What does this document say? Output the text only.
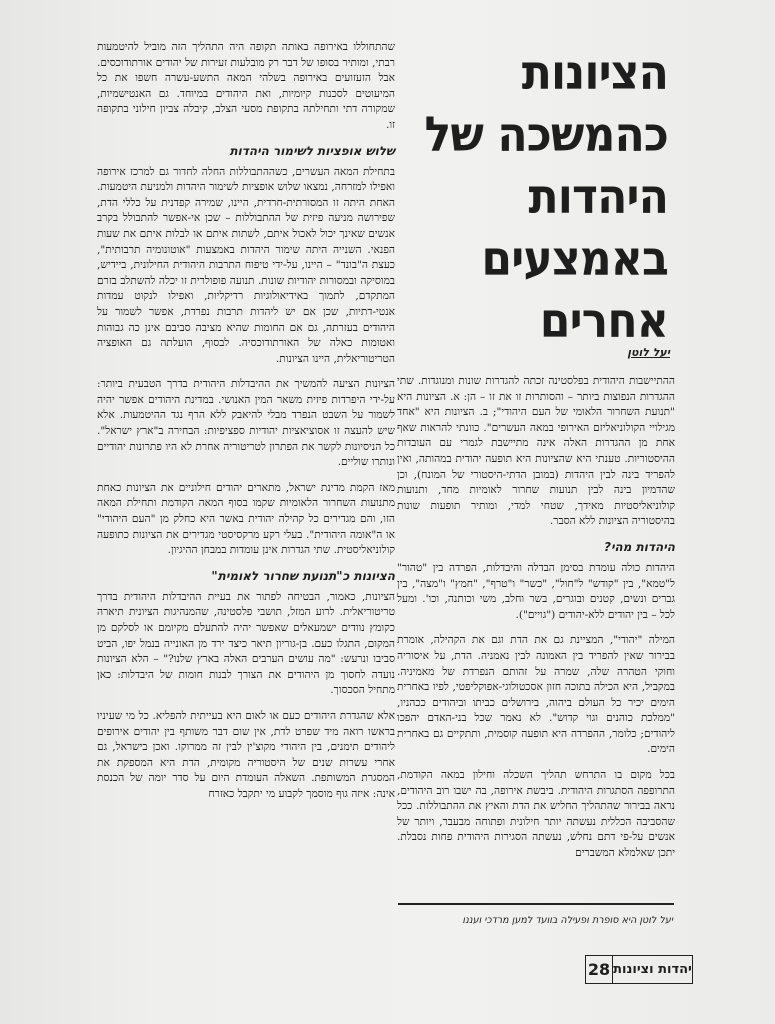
שהתחוללו באירופה באותה תקופה היה התהליך הזה מוביל להיטמעות רבתי, ומותיר בסופו של דבר רק מובלעות זעירות של יהודים אורתודוכסים. אבל הזעזועים באירופה בשלהי המאה התשע-עשרה חשפו את כל המיעוטים לסכנות קיומיות, ואת היהודים במיוחד. גם האנטישמיות, שמקורה דתי ותחילתה בתקופת מסעי הצלב, קיבלה צביון חילוני בתקופה זו.

שלוש אופציות לשימור היהדות

בתחילת המאה העשרים, כשההתבוללות החלה לחדור גם למרכז אירופה ואפילו למזרחה, נמצאו שלוש אופציות לשימור היהדות ולמניעת היטמעות. האחת היתה זו המסורתית-חרדית, היינו, שמירה קפדנית על כללי הדת, שפירושה מניעה פיזית של ההתבוללות – שכן אי-אפשר להתבולל בקרב אנשים שאינך יכול לאכול איתם, לשתות איתם או לבלות איתם את שעות הפנאי. השנייה היתה שימור היהדות באמצעות "אוטונומיה תרבותית", כעצת ה"בונד" – היינו, על-ידי טיפוח התרבות היהודית החילונית, ביידיש, במוסיקה ובמסורות יהודיות שונות. תנועה פופולרית זו יכלה להשתלב בזרם המתקדם, לתמוך באידיאולוגיות רדיקליות, ואפילו לנקוט עמדות אנטי-דתיות, שכן אם יש ליהדות תרבות נפרדת, אפשר לשמור על היהודים בעזרתה, גם אם החומות שהיא מציבה סביבם אינן כה גבוהות ואטומות כאלה של האורתודוכסיה. לבסוף, הועלתה גם האופציה הטריטוריאלית, היינו הציונות.

הציונות הציעה להמשיך את ההיבדלות היהודית בדרך הטבעית ביותר: על-ידי היפרדות פיזית משאר המין האנושי. במדינת היהודים אפשר יהיה לשמור על השבט הנפרד מבלי להיאבק ללא הרף נגד ההיטמעות. אלא שיש להעצה זו אסוציאציות יהודיות ספציפיות: הבחירה ב"ארץ ישראל". כל הניסיונות לקשר את הפתרון לטריטוריה אחרת לא היו פתרונות יהודיים ונותרו שוליים.

מאז הקמת מדינת ישראל, מתארים יהודים חילוניים את הציונות כאחת מתנועות השחרור הלאומיות שקמו בסוף המאה הקודמת ותחילת המאה הזו, והם מגדירים כל קהילה יהודית באשר היא כחלק מן "העם היהודי" או ה"אומה היהודית". בעלי רקע מרקסיסטי מגדירים את הציונות כתופעה קולוניאליסטית. שתי הגדרות אינן עומדות במבחן ההיגיון.

הציונות כ"תנועת שחרור לאומית"

הציונות, כאמור, הבטיחה לפתור את בעיית ההיבדלות היהודית בדרך טריטוריאלית. לרוע המזל, תושבי פלסטינה, שהמנהיגות הציונית תיארה כקומץ נוודים ישמעאלים שאפשר יהיה להתעלם מקיומם או לסלקם מן המקום, התגלו כעם. בן-גוריון תיאר כיצד ירד מן האונייה בנמל יפו, הביט סביבו ונרעש: "מה עושים הערבים האלה בארץ שלנו?" – הלא הציונות נועדה לחסוך מן היהודים את הצורך לבנות חומות של היבדלות: כאן מתחיל הסכסוך.

אלא שהגדרת היהודים כעם או לאום היא בעייתית להפליא. כל מי שעיניו בראשו רואה מיד שפרט לדת, אין שום דבר משותף בין יהודים אירופים ליהודים תימנים, בין היהודי מקוצ'ין לבין זה ממרוקו. ואכן בישראל, גם אחרי עשרות שנים של היסטוריה מקומית, הדת היא המספקת את המסגרת המשותפת. השאלה העומדת היום על סדר יומה של הכנסת אינה: איזה גוף מוסמך לקבוע מי יתקבל כאזרח

הציונות כהמשכה של היהדות באמצעים אחרים
יעל לוטן

ההתיישבות היהודית בפלסטינה זכתה להגדרות שונות ומנוגדות. שתי ההגדרות הנפוצות ביותר – והסותרות זו את זו – הן: א. הציונות היא "תנועת השחרור הלאומי של העם היהודי"; ב. הציונות היא "אחד מגילויי הקולוניאליזם האירופי במאה העשרים". כוונתי להראות שאף אחת מן ההגדרות האלה אינה מתיישבת לגמרי עם העובדות ההיסטוריות. טענתי היא שהציונות היא תופעה יהודית במהותה, ואין להפריד בינה לבין היהדות (במובן הדתי-היסטורי של המונח), וכן שהדמיון בינה לבין תנועות שחרור לאומיות מחד, ותנועות קולוניאליסטיות מאידך, שטחי למדי, ומותיר תופעות שונות בהיסטוריה הציונות ללא הסבר.

היהדות מהי?

היהדות כולה עומדת בסימן הבדלה והיבדלות, הפרדה בין "טהור" ל"טמא", בין "קודש" ל"חול", "כשר" ו"טרף", "חמץ" ו"מצה", בין גברים ונשים, קטנים ובוגרים, בשר וחלב, משי וכותנה, וכו'. ומעל לכל – בין יהודים ללא-יהודים ("גויים").

המילה "יהודי", המציינת גם את הדת וגם את הקהילה, אומרת בבירור שאין להפריד בין האמונה לבין נאמניה. הדת, על איסוריה וחוקי הטהרה שלה, שמרה על זהותם הנפרדת של מאמיניה. במקביל, היא הכילה בתוכה חזון אסכטולוגי-אפוקליפטי, לפיו באחרית הימים יכיר כל העולם ביהוה, בירושלים כביתו וביהודים ככהניו, "ממלכת כוהנים וגוי קדוש". לא נאמר שכל בני-האדם יהפכו ליהודים; כלומר, ההפרדה היא תופעה קוסמית, ותתקיים גם באחרית הימים.

בכל מקום בו התרחש תהליך השכלה וחילון במאה הקודמת, התרופפה הסתגרות היהודית. ביבשת אירופה, בה ישבו רוב היהודים, נראה בבירור שהתהליך החליש את הדת והאיץ את ההתבוללות. ככל שהסביבה הכללית נעשתה יותר חילונית ופתוחה מבעבר, ויותר של אנשים על-פי דתם נחלש, נעשתה הסגירות היהודית פחות נסבלת. יתכן שאלמלא המשברים

יעל לוטן היא סופרת ופעילה בוועד למען מרדכי ועננו
יהדות וציונות
28
